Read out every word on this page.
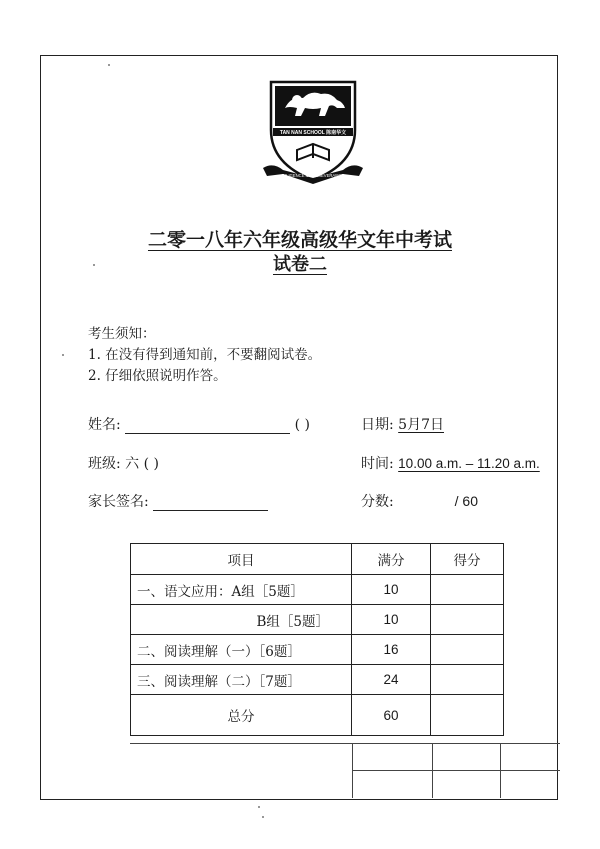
TAN NAN SCHOOL 陈南华文
DILIGENCE & PERSEVERANCE
二零一八年六年级高级华文年中考试
试卷二
考生须知：
1. 在没有得到通知前，不要翻阅试卷。
2. 仔细依照说明作答。
姓名:	( )	日期: 5月7日
班级: 六 ( )	时间: 10.00 a.m. – 11.20 a.m.
家长签名:	分数:	/ 60
项目	满分	得分
一、语文应用：A组［5题］	10	
B组［5题］	10	
二、阅读理解（一）［6题］	16	
三、阅读理解（二）［7题］	24	
总分	60	
